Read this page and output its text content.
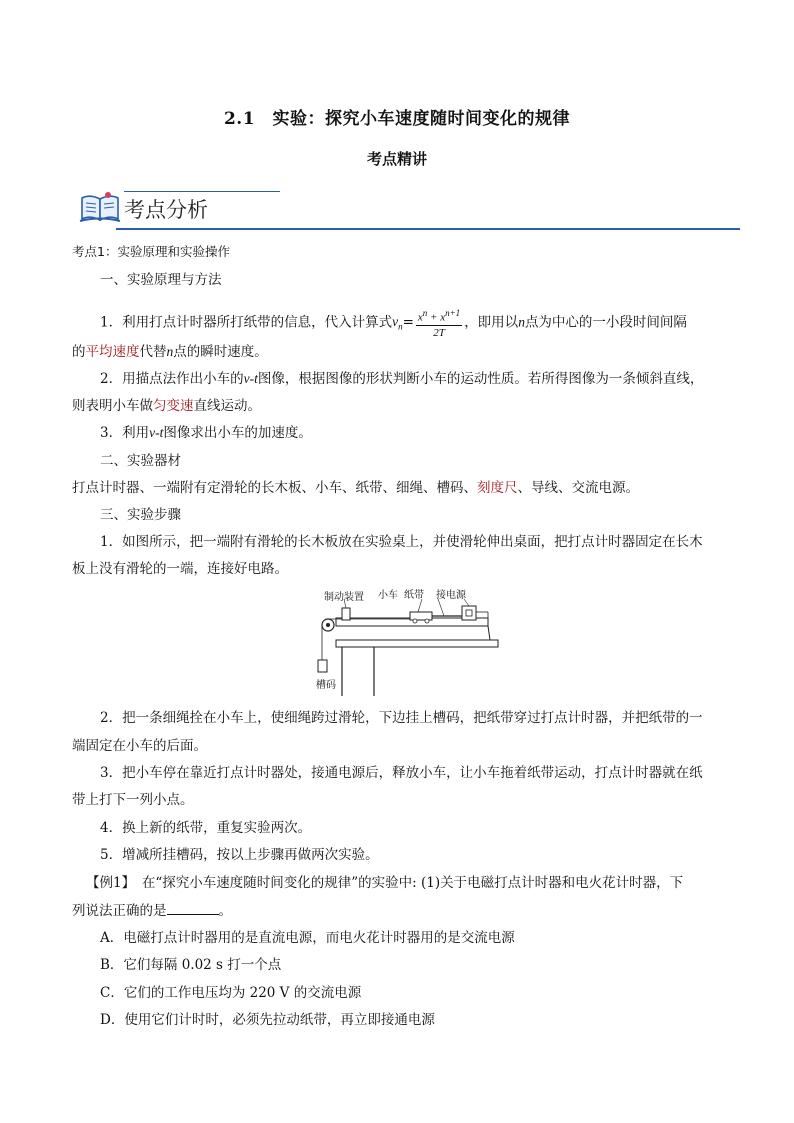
2.1　实验：探究小车速度随时间变化的规律
考点精讲
考点分析
考点1：实验原理和实验操作
一、实验原理与方法
1．利用打点计时器所打纸带的信息，代入计算式$v_n= \frac{x^n + x^{n+1}}{2T}$ ，即用以n点为中心的一小段时间间隔
的平均速度代替n点的瞬时速度。
2．用描点法作出小车的v-t图像，根据图像的形状判断小车的运动性质。若所得图像为一条倾斜直线，
则表明小车做匀变速直线运动。
3．利用v-t图像求出小车的加速度。
二、实验器材
打点计时器、一端附有定滑轮的长木板、小车、纸带、细绳、槽码、刻度尺、导线、交流电源。
三、实验步骤
1．如图所示，把一端附有滑轮的长木板放在实验桌上，并使滑轮伸出桌面，把打点计时器固定在长木
板上没有滑轮的一端，连接好电路。
制动装置 小车 纸带 接电源
槽码
2．把一条细绳拴在小车上，使细绳跨过滑轮，下边挂上槽码，把纸带穿过打点计时器，并把纸带的一
端固定在小车的后面。
3．把小车停在靠近打点计时器处，接通电源后，释放小车，让小车拖着纸带运动，打点计时器就在纸
带上打下一列小点。
4．换上新的纸带，重复实验两次。
5．增减所挂槽码，按以上步骤再做两次实验。
【例1】　 在“探究小车速度随时间变化的规律”的实验中: (1)关于电磁打点计时器和电火花计时器，下
列说法正确的是	。
A．电磁打点计时器用的是直流电源，而电火花计时器用的是交流电源
B．它们每隔 0.02 s 打一个点
C．它们的工作电压均为 220 V 的交流电源
D．使用它们计时时，必须先拉动纸带，再立即接通电源
